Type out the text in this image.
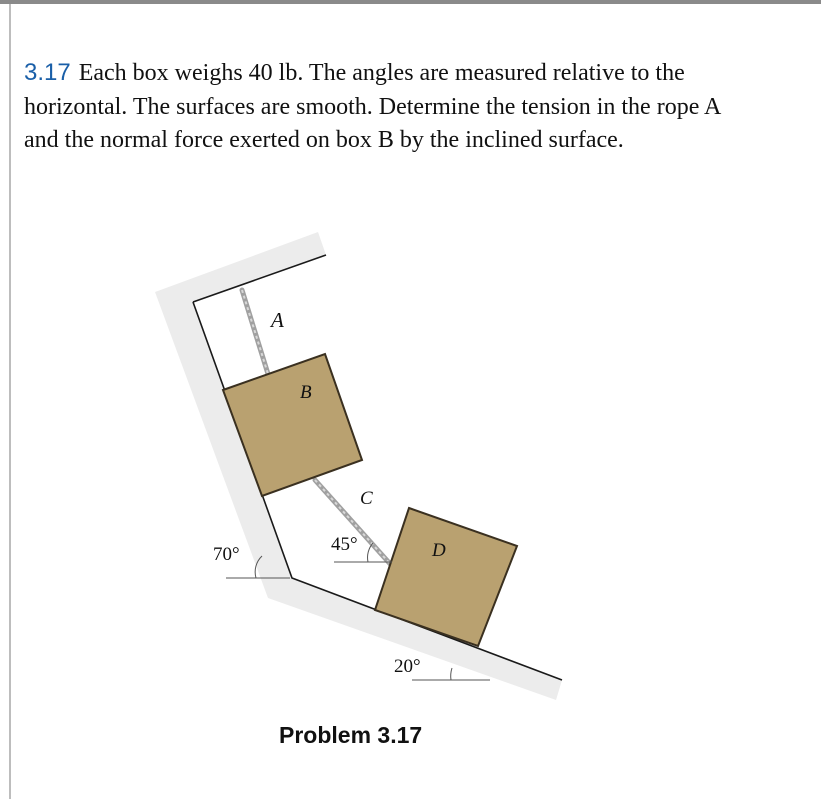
3.17 Each box weighs 40 lb. The angles are measured relative to the horizontal. The surfaces are smooth. Determine the tension in the rope A and the normal force exerted on box B by the inclined surface.

A
B
C
D
70°	45°
20°
Problem 3.17
